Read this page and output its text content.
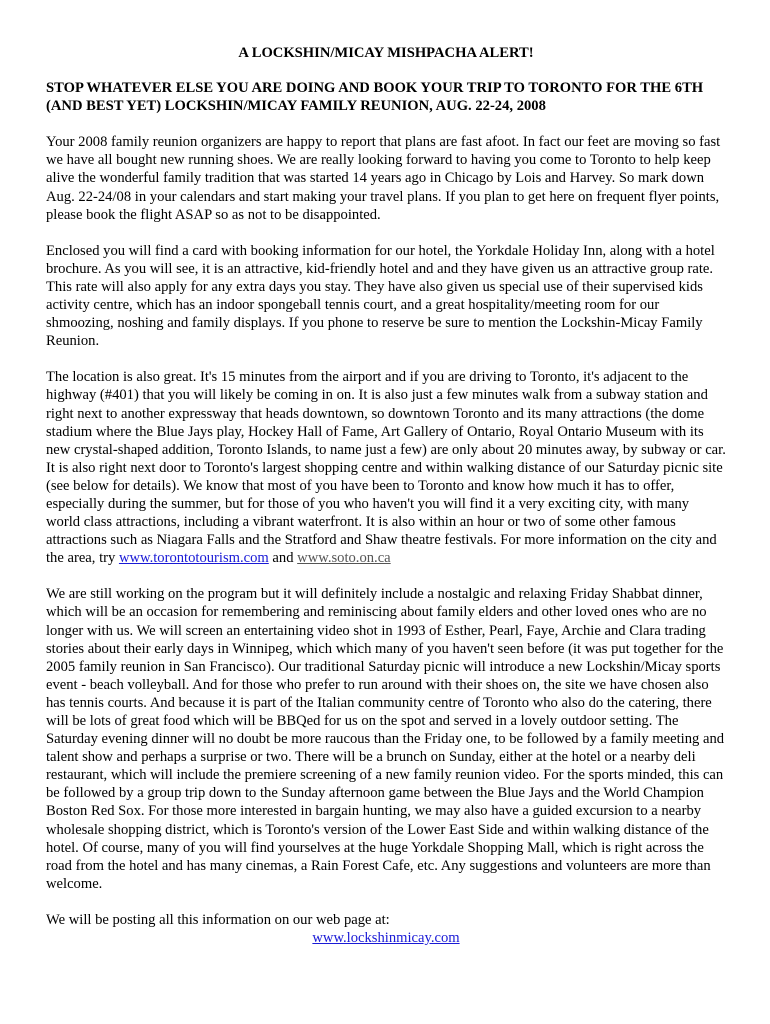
A LOCKSHIN/MICAY MISHPACHA ALERT!
STOP WHATEVER ELSE YOU ARE DOING AND BOOK YOUR TRIP TO TORONTO FOR THE 6TH (AND BEST YET) LOCKSHIN/MICAY FAMILY REUNION, AUG. 22-24, 2008

Your 2008 family reunion organizers are happy to report that plans are fast afoot. In fact our feet are moving so fast we have all bought new running shoes. We are really looking forward to having you come to Toronto to help keep alive the wonderful family tradition that was started 14 years ago in Chicago by Lois and Harvey. So mark down Aug. 22-24/08 in your calendars and start making your travel plans. If you plan to get here on frequent flyer points, please book the flight ASAP so as not to be disappointed.

Enclosed you will find a card with booking information for our hotel, the Yorkdale Holiday Inn, along with a hotel brochure. As you will see, it is an attractive, kid-friendly hotel and and they have given us an attractive group rate. This rate will also apply for any extra days you stay. They have also given us special use of their supervised kids activity centre, which has an indoor spongeball tennis court, and a great hospitality/meeting room for our shmoozing, noshing and family displays. If you phone to reserve be sure to mention the Lockshin-Micay Family Reunion.

The location is also great. It's 15 minutes from the airport and if you are driving to Toronto, it's adjacent to the highway (#401) that you will likely be coming in on. It is also just a few minutes walk from a subway station and right next to another expressway that heads downtown, so downtown Toronto and its many attractions (the dome stadium where the Blue Jays play, Hockey Hall of Fame, Art Gallery of Ontario, Royal Ontario Museum with its new crystal-shaped addition, Toronto Islands, to name just a few) are only about 20 minutes away, by subway or car. It is also right next door to Toronto's largest shopping centre and within walking distance of our Saturday picnic site (see below for details). We know that most of you have been to Toronto and know how much it has to offer, especially during the summer, but for those of you who haven't you will find it a very exciting city, with many world class attractions, including a vibrant waterfront. It is also within an hour or two of some other famous attractions such as Niagara Falls and the Stratford and Shaw theatre festivals. For more information on the city and the area, try www.torontotourism.com and www.soto.on.ca

We are still working on the program but it will definitely include a nostalgic and relaxing Friday Shabbat dinner, which will be an occasion for remembering and reminiscing about family elders and other loved ones who are no longer with us. We will screen an entertaining video shot in 1993 of Esther, Pearl, Faye, Archie and Clara trading stories about their early days in Winnipeg, which which many of you haven't seen before (it was put together for the 2005 family reunion in San Francisco). Our traditional Saturday picnic will introduce a new Lockshin/Micay sports event - beach volleyball. And for those who prefer to run around with their shoes on, the site we have chosen also has tennis courts. And because it is part of the Italian community centre of Toronto who also do the catering, there will be lots of great food which will be BBQed for us on the spot and served in a lovely outdoor setting. The Saturday evening dinner will no doubt be more raucous than the Friday one, to be followed by a family meeting and talent show and perhaps a surprise or two. There will be a brunch on Sunday, either at the hotel or a nearby deli restaurant, which will include the premiere screening of a new family reunion video. For the sports minded, this can be followed by a group trip down to the Sunday afternoon game between the Blue Jays and the World Champion Boston Red Sox. For those more interested in bargain hunting, we may also have a guided excursion to a nearby wholesale shopping district, which is Toronto's version of the Lower East Side and within walking distance of the hotel. Of course, many of you will find yourselves at the huge Yorkdale Shopping Mall, which is right across the road from the hotel and has many cinemas, a Rain Forest Cafe, etc. Any suggestions and volunteers are more than welcome.

We will be posting all this information on our web page at:
www.lockshinmicay.com
